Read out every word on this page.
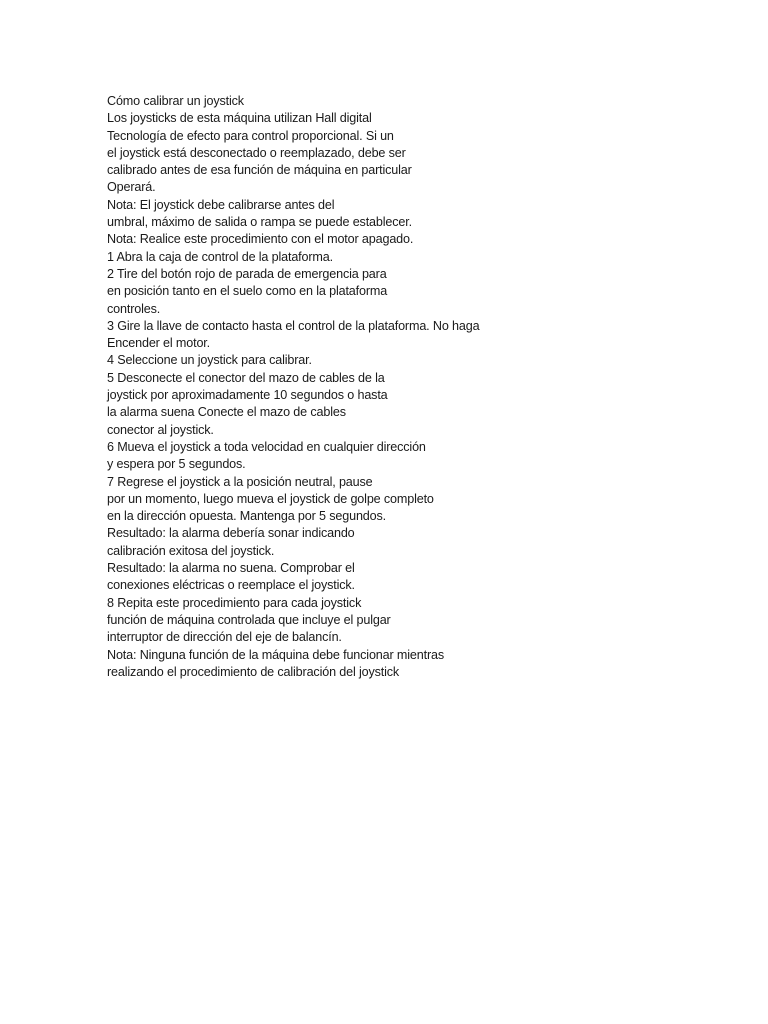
Cómo calibrar un joystick
Los joysticks de esta máquina utilizan Hall digital
Tecnología de efecto para control proporcional. Si un
el joystick está desconectado o reemplazado, debe ser
calibrado antes de esa función de máquina en particular
Operará.
Nota: El joystick debe calibrarse antes del
umbral, máximo de salida o rampa se puede establecer.
Nota: Realice este procedimiento con el motor apagado.
1 Abra la caja de control de la plataforma.
2 Tire del botón rojo de parada de emergencia para
en posición tanto en el suelo como en la plataforma
controles.
3 Gire la llave de contacto hasta el control de la plataforma. No haga
Encender el motor.
4 Seleccione un joystick para calibrar.
5 Desconecte el conector del mazo de cables de la
joystick por aproximadamente 10 segundos o hasta
la alarma suena Conecte el mazo de cables
conector al joystick.
6 Mueva el joystick a toda velocidad en cualquier dirección
y espera por 5 segundos.
7 Regrese el joystick a la posición neutral, pause
por un momento, luego mueva el joystick de golpe completo
en la dirección opuesta. Mantenga por 5 segundos.
Resultado: la alarma debería sonar indicando
calibración exitosa del joystick.
Resultado: la alarma no suena. Comprobar el
conexiones eléctricas o reemplace el joystick.
8 Repita este procedimiento para cada joystick
función de máquina controlada que incluye el pulgar
interruptor de dirección del eje de balancín.
Nota: Ninguna función de la máquina debe funcionar mientras
realizando el procedimiento de calibración del joystick
